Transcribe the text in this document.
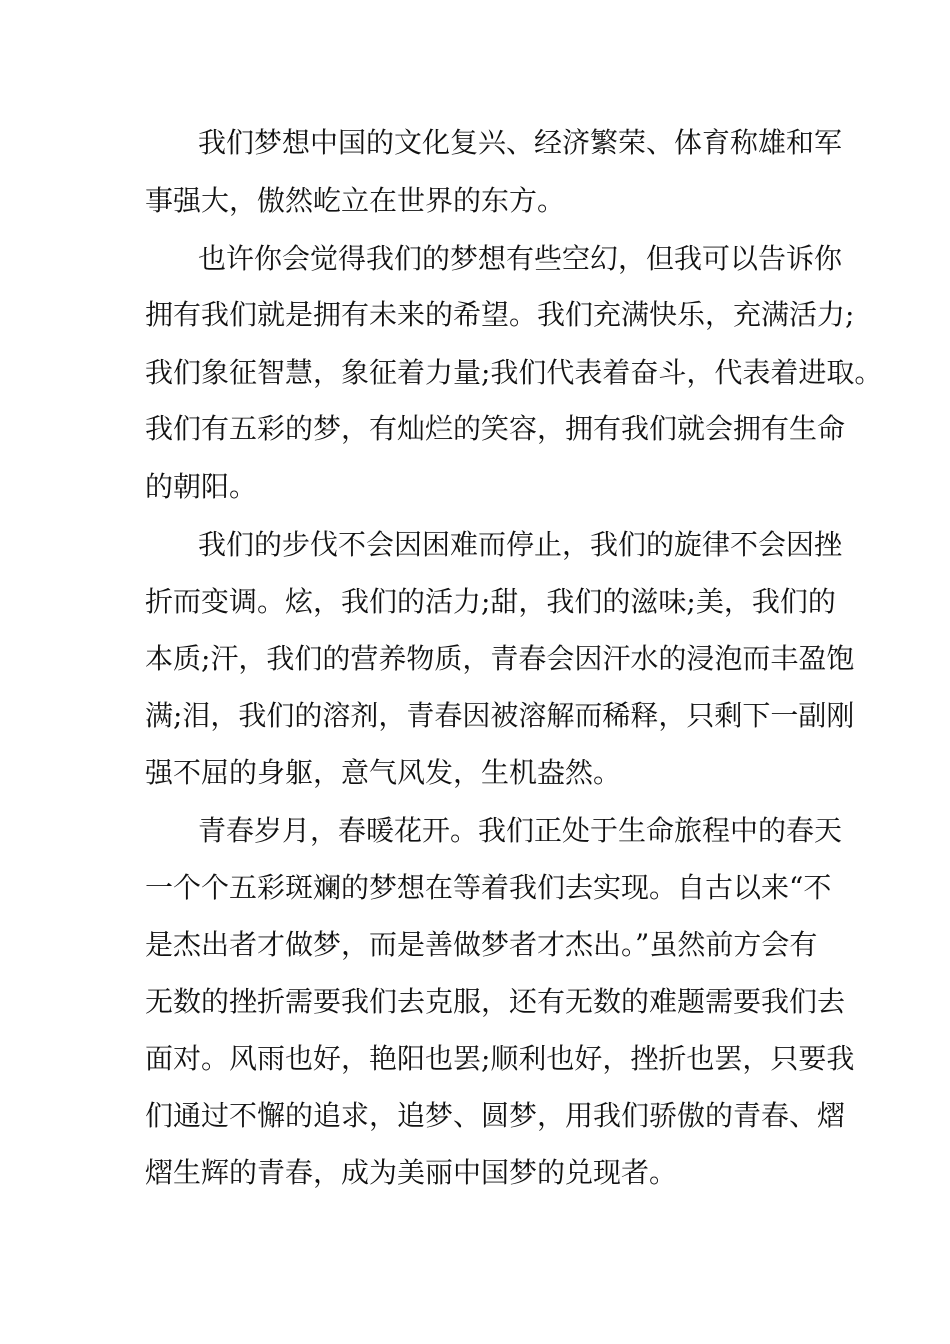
我们梦想中国的文化复兴、经济繁荣、体育称雄和军
事强大，傲然屹立在世界的东方。
也许你会觉得我们的梦想有些空幻，但我可以告诉你
拥有我们就是拥有未来的希望。我们充满快乐，充满活力;
我们象征智慧，象征着力量;我们代表着奋斗，代表着进取。
我们有五彩的梦，有灿烂的笑容，拥有我们就会拥有生命
的朝阳。
我们的步伐不会因困难而停止，我们的旋律不会因挫
折而变调。炫，我们的活力;甜，我们的滋味;美，我们的
本质;汗，我们的营养物质，青春会因汗水的浸泡而丰盈饱
满;泪，我们的溶剂，青春因被溶解而稀释，只剩下一副刚
强不屈的身躯，意气风发，生机盎然。
青春岁月，春暖花开。我们正处于生命旅程中的春天
一个个五彩斑斓的梦想在等着我们去实现。自古以来“不
是杰出者才做梦，而是善做梦者才杰出。”虽然前方会有
无数的挫折需要我们去克服，还有无数的难题需要我们去
面对。风雨也好，艳阳也罢;顺利也好，挫折也罢，只要我
们通过不懈的追求，追梦、圆梦，用我们骄傲的青春、熠
熠生辉的青春，成为美丽中国梦的兑现者。
